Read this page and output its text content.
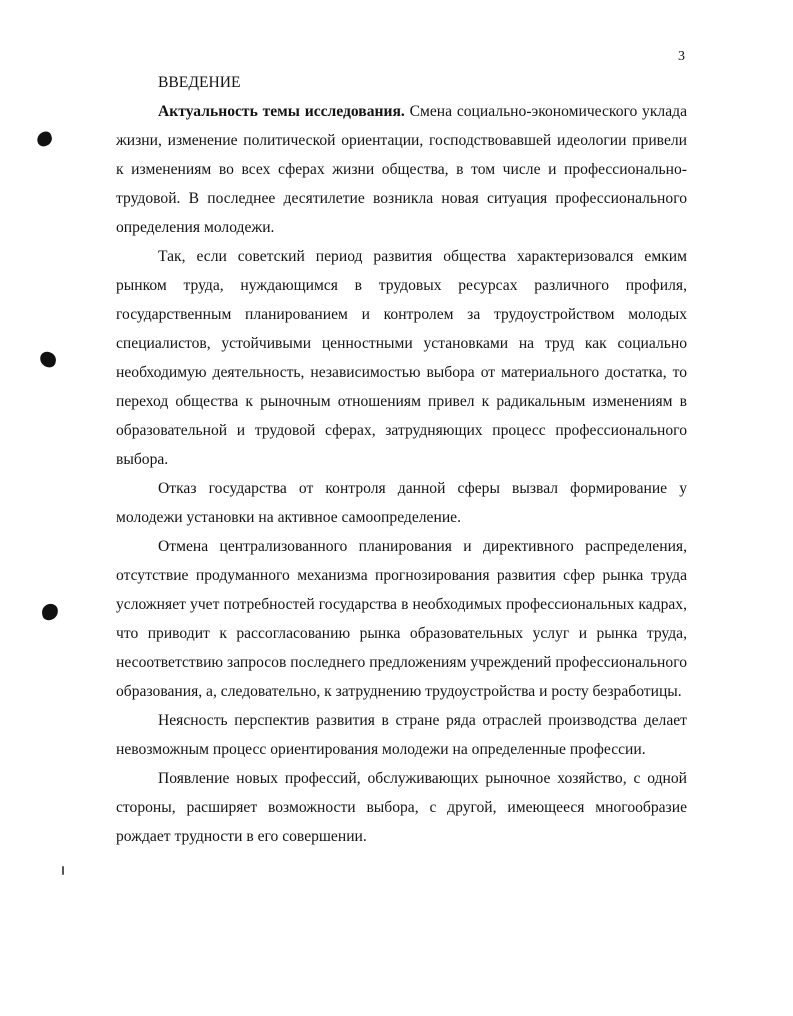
3
ВВЕДЕНИЕ

Актуальность темы исследования. Смена социально-экономического уклада жизни, изменение политической ориентации, господствовавшей идеологии привели к изменениям во всех сферах жизни общества, в том числе и профессионально-трудовой. В последнее десятилетие возникла новая ситуация профессионального определения молодежи.

Так, если советский период развития общества характеризовался емким рынком труда, нуждающимся в трудовых ресурсах различного профиля, государственным планированием и контролем за трудоустройством молодых специалистов, устойчивыми ценностными установками на труд как социально необходимую деятельность, независимостью выбора от материального достатка, то переход общества к рыночным отношениям привел к радикальным изменениям в образовательной и трудовой сферах, затрудняющих процесс профессионального выбора.

Отказ государства от контроля данной сферы вызвал формирование у молодежи установки на активное самоопределение.

Отмена централизованного планирования и директивного распределения, отсутствие продуманного механизма прогнозирования развития сфер рынка труда усложняет учет потребностей государства в необходимых профессиональных кадрах, что приводит к рассогласованию рынка образовательных услуг и рынка труда, несоответствию запросов последнего предложениям учреждений профессионального образования, а, следовательно, к затруднению трудоустройства и росту безработицы.

Неясность перспектив развития в стране ряда отраслей производства делает невозможным процесс ориентирования молодежи на определенные профессии.

Появление новых профессий, обслуживающих рыночное хозяйство, с одной стороны, расширяет возможности выбора, с другой, имеющееся многообразие рождает трудности в его совершении.
